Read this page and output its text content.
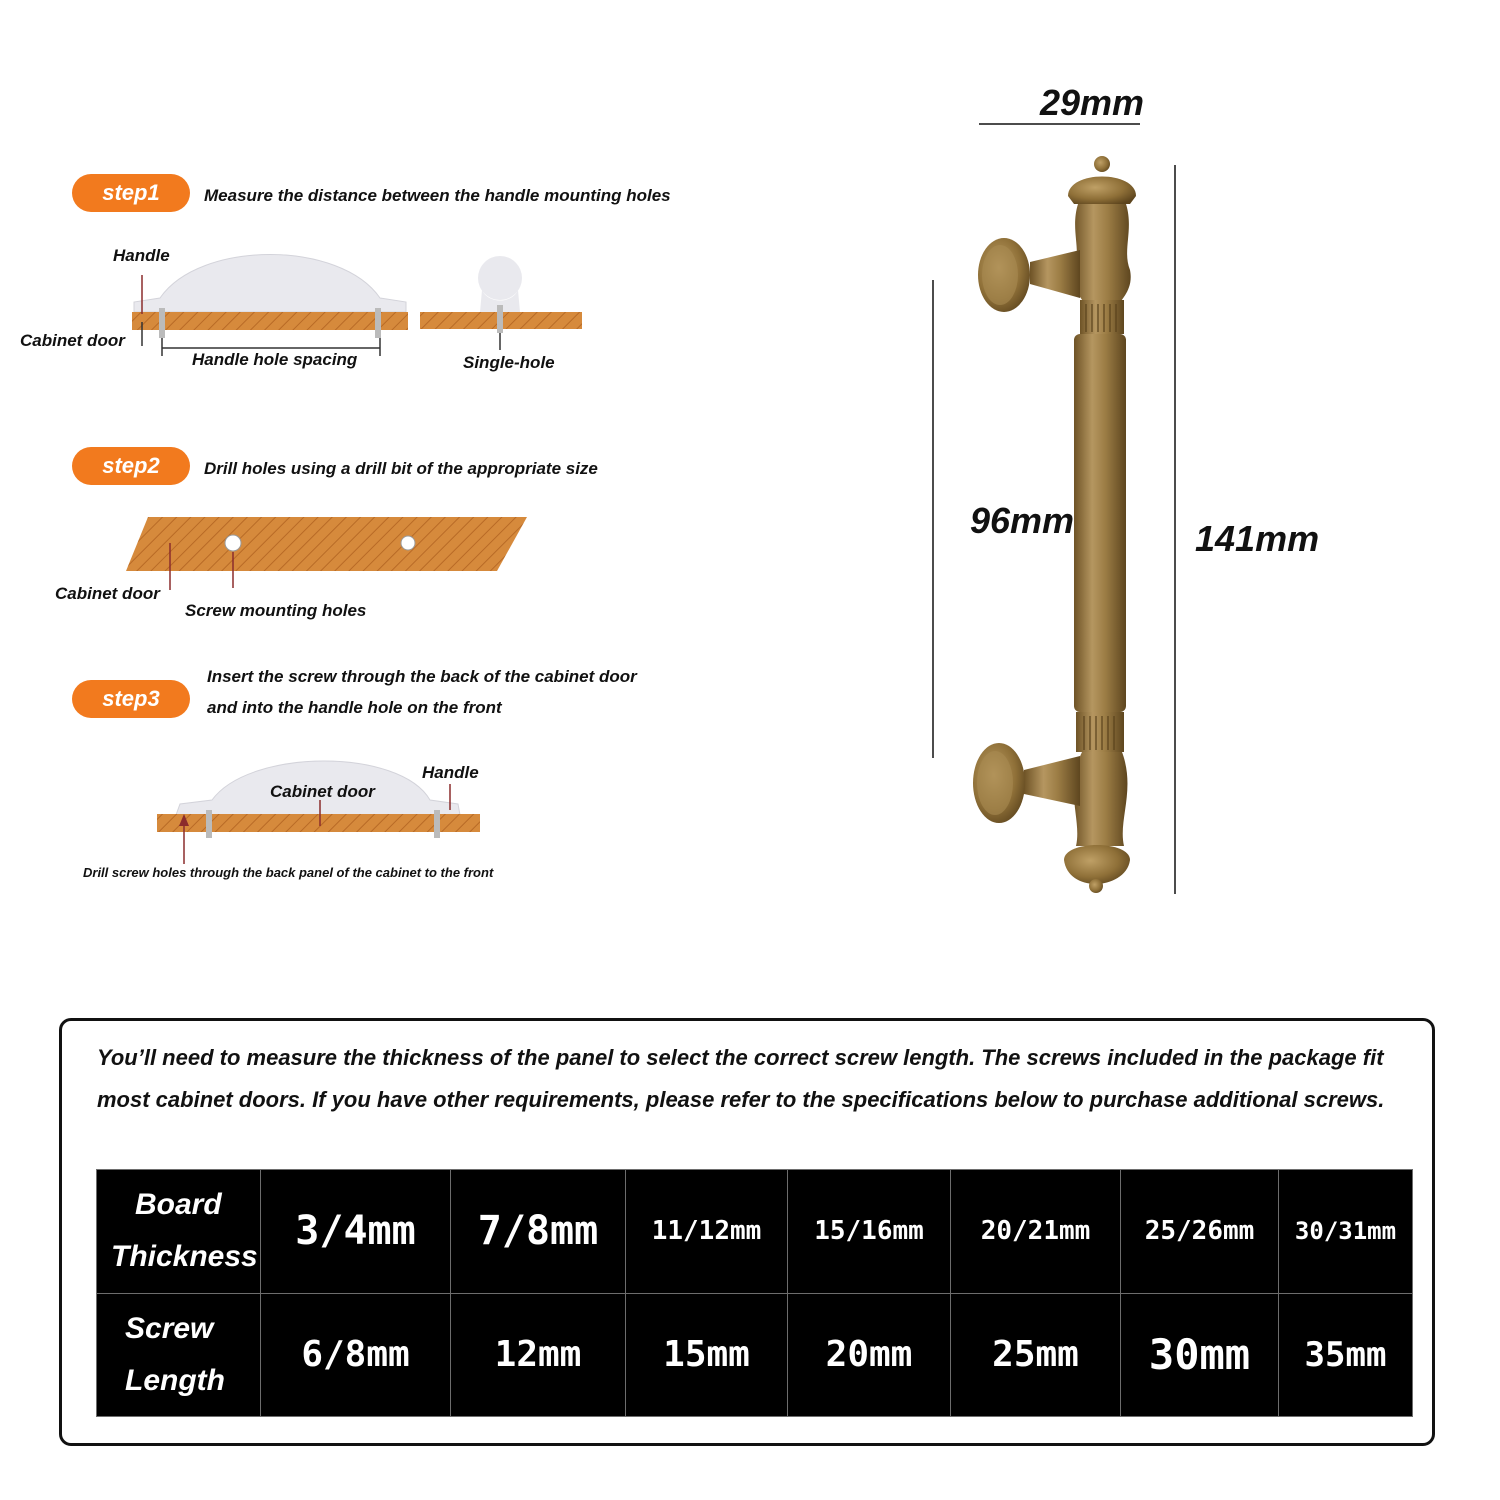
step1	Measure the distance between the handle mounting holes
Handle
Cabinet door
Handle hole spacing	Single-hole
step2	Drill holes using a drill bit of the appropriate size
Cabinet door
Screw mounting holes
step3
Insert the screw through the back of the cabinet door
and into the handle hole on the front
Handle
Cabinet door
Drill screw holes through the back panel of the cabinet to the front
29mm
96mm	141mm
You’ll need to measure the thickness of the panel to select the correct screw length. The screws included in the package fit most cabinet doors. If you have other requirements, please refer to the specifications below to purchase additional screws.
Board
Thickness	3/4mm	7/8mm	11/12mm	15/16mm	20/21mm	25/26mm	30/31mm

Screw
Length	6/8mm	12mm	15mm	20mm	25mm	30mm	35mm
